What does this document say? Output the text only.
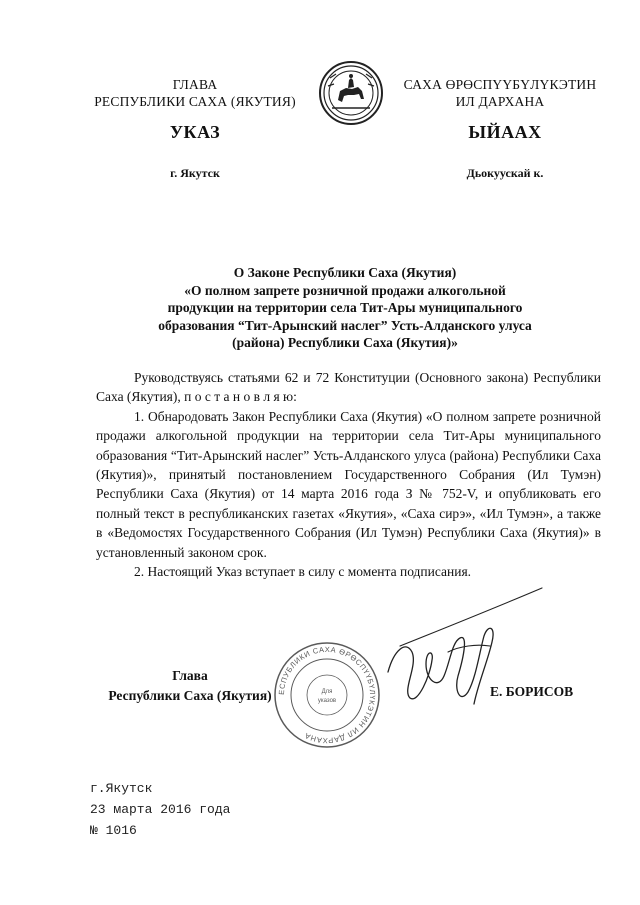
ГЛАВА
РЕСПУБЛИКИ САХА (ЯКУТИЯ)
САХА ӨРӨСПҮҮБҮЛҮКЭТИН
ИЛ ДАРХАНА
УКАЗ	ЫЙААХ
г. Якутск	Дьокуускай к.
О Законе Республики Саха (Якутия)
«О полном запрете розничной продажи алкогольной
продукции на территории села Тит-Ары муниципального
образования “Тит-Арынский наслег” Усть-Алданского улуса
(района) Республики Саха (Якутия)»

Руководствуясь статьями 62 и 72 Конституции (Основного закона) Республики Саха (Якутия), п о с т а н о в л я ю:

1. Обнародовать Закон Республики Саха (Якутия) «О полном запрете розничной продажи алкогольной продукции на территории села Тит-Ары муниципального образования “Тит-Арынский наслег” Усть-Алданского улуса (района) Республики Саха (Якутия)», принятый постановлением Государственного Собрания (Ил Тумэн) Республики Саха (Якутия) от 14 марта 2016 года З № 752-V, и опубликовать его полный текст в республиканских газетах «Якутия», «Саха сирэ», «Ил Тумэн», а также в «Ведомостях Государственного Собрания (Ил Тумэн) Республики Саха (Якутия)» в установленный законом срок.

2. Настоящий Указ вступает в силу с момента подписания.

Глава
Республики Саха (Якутия) ЕСПУБЛИКИ САХА ӨРӨСПҮҮБҮЛҮКЭТИН ИЛ ДАРХАНА
Для
указов
Е. БОРИСОВ
г.Якутск
23 марта 2016 года
№ 1016
